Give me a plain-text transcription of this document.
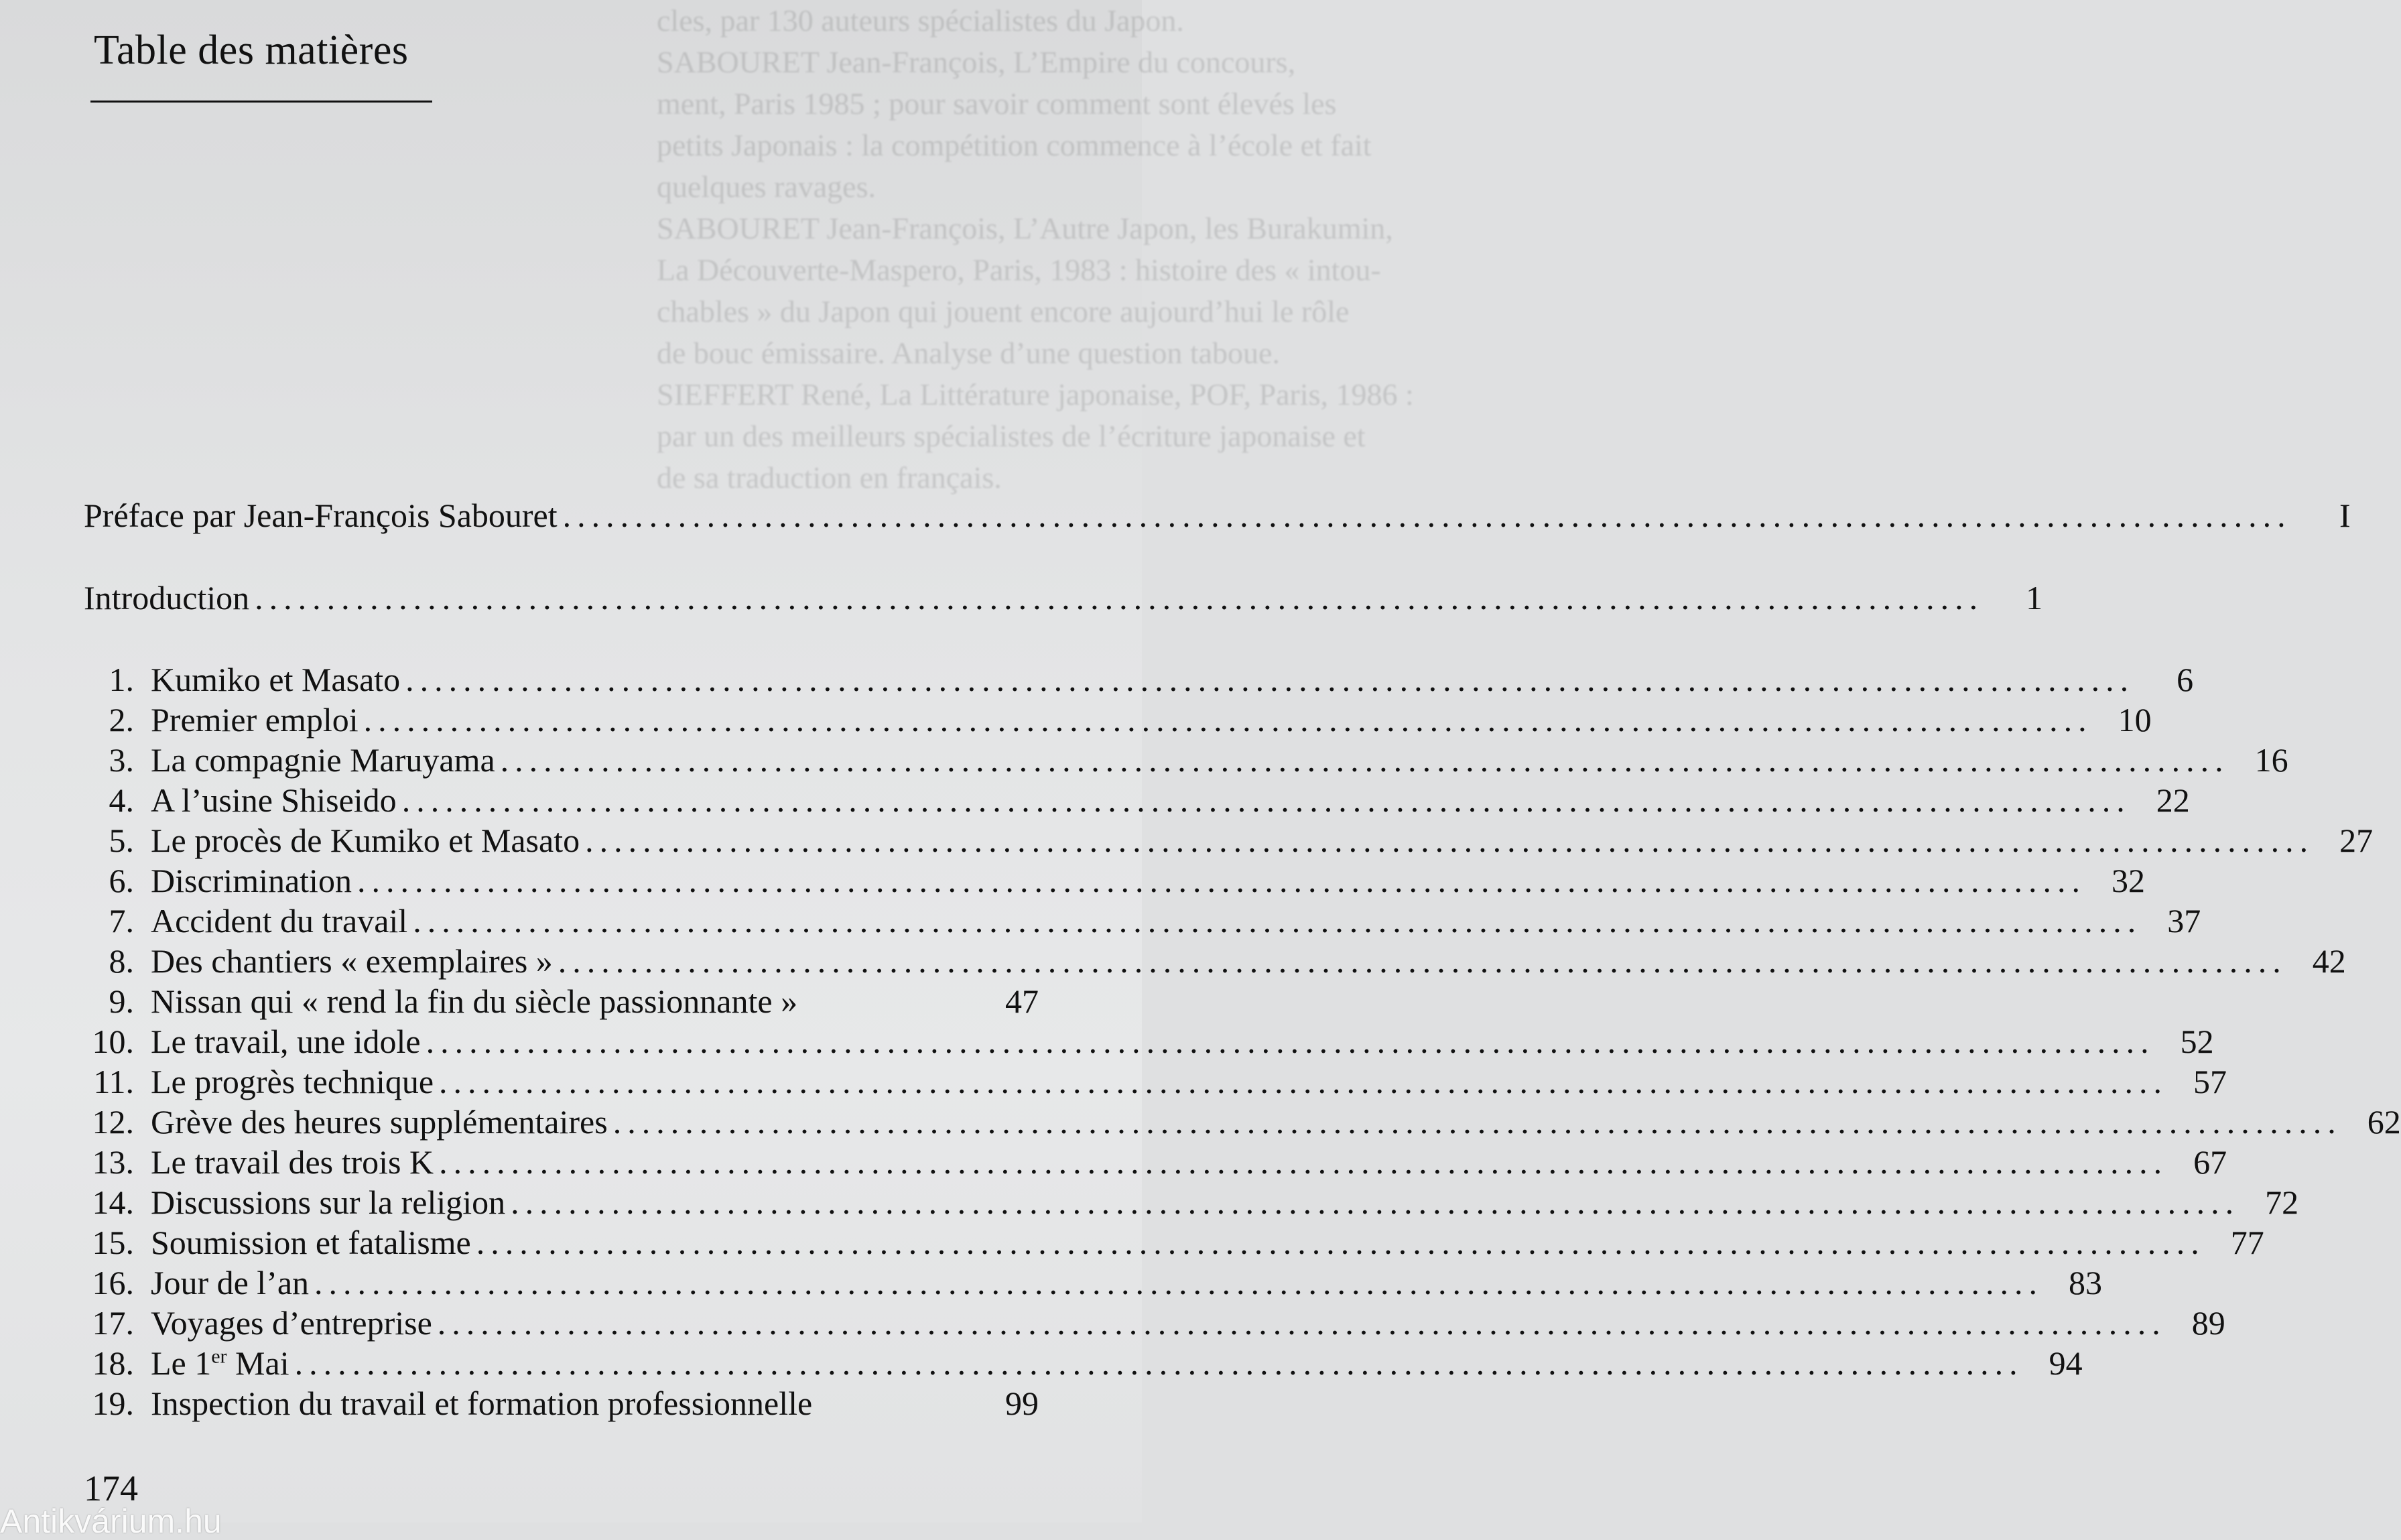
cles, par 130 auteurs spécialistes du Japon.
SABOURET Jean-François, L’Empire du concours,
ment, Paris 1985 ; pour savoir comment sont élevés les
petits Japonais : la compétition commence à l’école et fait
quelques ravages.
SABOURET Jean-François, L’Autre Japon, les Burakumin,
La Découverte-Maspero, Paris, 1983 : histoire des « intou-
chables » du Japon qui jouent encore aujourd’hui le rôle
de bouc émissaire. Analyse d’une question taboue.
SIEFFERT René, La Littérature japonaise, POF, Paris, 1986 :
par un des meilleurs spécialistes de l’écriture japonaise et
de sa traduction en français.
Table des matières
Préface par Jean-François Sabouret ........................................................................................................................	I
Introduction ........................................................................................................................	1
1. Kumiko et Masato ........................................................................................................................	6
2. Premier emploi ........................................................................................................................ 10
3. La compagnie Maruyama ........................................................................................................................ 16
4. A l’usine Shiseido ........................................................................................................................ 22
5. Le procès de Kumiko et Masato ........................................................................................................................ 27
6. Discrimination ........................................................................................................................ 32
7. Accident du travail ........................................................................................................................ 37
8. Des chantiers « exemplaires » ........................................................................................................................ 42
9. Nissan qui « rend la fin du siècle passionnante »	47
10. Le travail, une idole ........................................................................................................................ 52
11. Le progrès technique ........................................................................................................................ 57
12. Grève des heures supplémentaires ........................................................................................................................ 62
13. Le travail des trois K ........................................................................................................................ 67
14. Discussions sur la religion ........................................................................................................................ 72
15. Soumission et fatalisme ........................................................................................................................ 77
16. Jour de l’an ........................................................................................................................ 83
17. Voyages d’entreprise ........................................................................................................................ 89
18. Le 1er Mai ........................................................................................................................ 94
19. Inspection du travail et formation professionnelle	99
174
Antikvárium.hu
